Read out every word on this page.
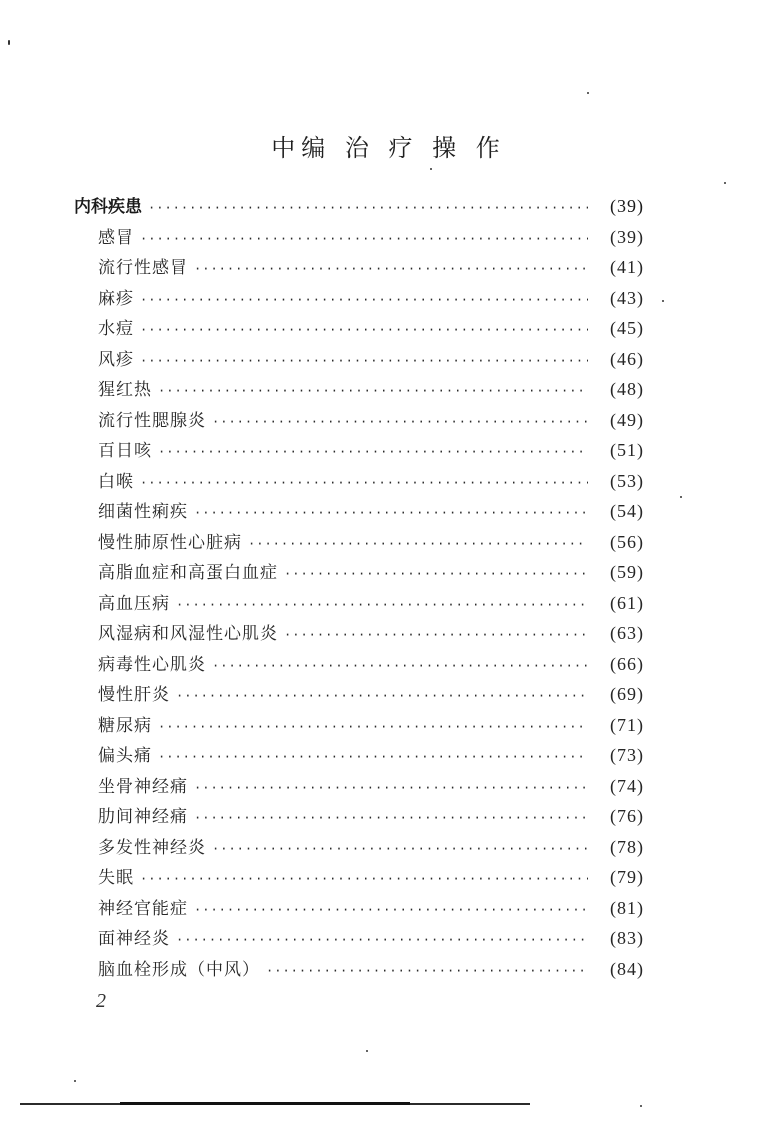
中编 治 疗 操 作
内科疾患 ·····	(39)
感冒 ·····	(39)
流行性感冒 ·····	(41)
麻疹 ·····	(43)
水痘 ·····	(45)
风疹 ·····	(46)
猩红热 ·····	(48)
流行性腮腺炎 ·····	(49)
百日咳 ·····	(51)
白喉 ·····	(53)
细菌性痢疾 ·····	(54)
慢性肺原性心脏病 ·····	(56)
高脂血症和高蛋白血症 ·····	(59)
高血压病 ·····	(61)
风湿病和风湿性心肌炎 ·····	(63)
病毒性心肌炎 ·····	(66)
慢性肝炎 ·····	(69)
糖尿病 ·····	(71)
偏头痛 ·····	(73)
坐骨神经痛 ·····	(74)
肋间神经痛 ·····	(76)
多发性神经炎 ·····	(78)
失眠 ·····	(79)
神经官能症 ·····	(81)
面神经炎 ·····	(83)
脑血栓形成（中风） ·····	(84)
2
